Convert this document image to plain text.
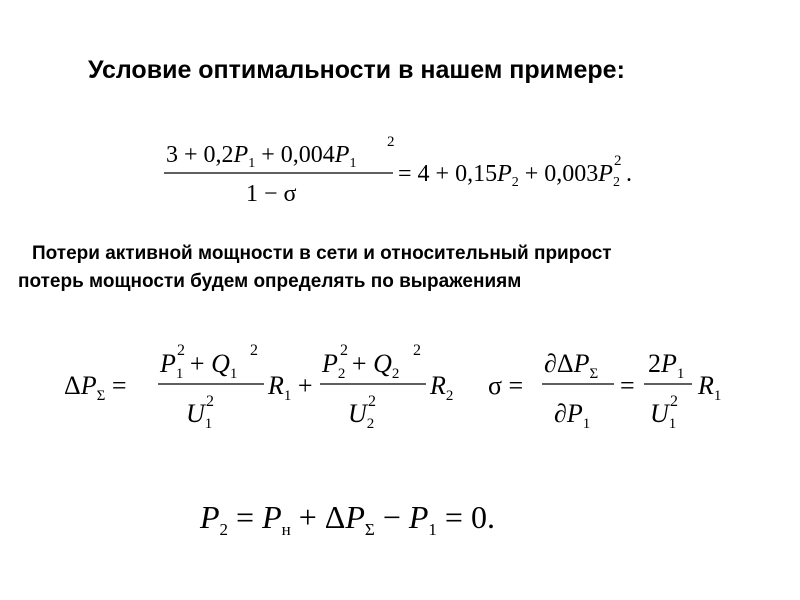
Условие оптимальности в нашем примере:
$3 + 0,2P_1 + 0,004P_1$
2
1 − σ
= $4 + 0,15P_2 + 0,003P_2$ .
2
Потери активной мощности в сети и относительный прирост
потерь мощности будем определять по выражениям
$\Delta P_\Sigma$ =
$P_1 + Q_1$
2	2
$U_1$
2
$R_1$ +
$P_2 + Q_2$
2	2
$U_2$
2
$R_2$ σ =
$\partial\Delta P_\Sigma$
$\partial P_1$
=
$2P_1$
$U_1$
2
$R_1$
$P_2 = P_н + \Delta P_\Sigma - P_1 = 0$.
